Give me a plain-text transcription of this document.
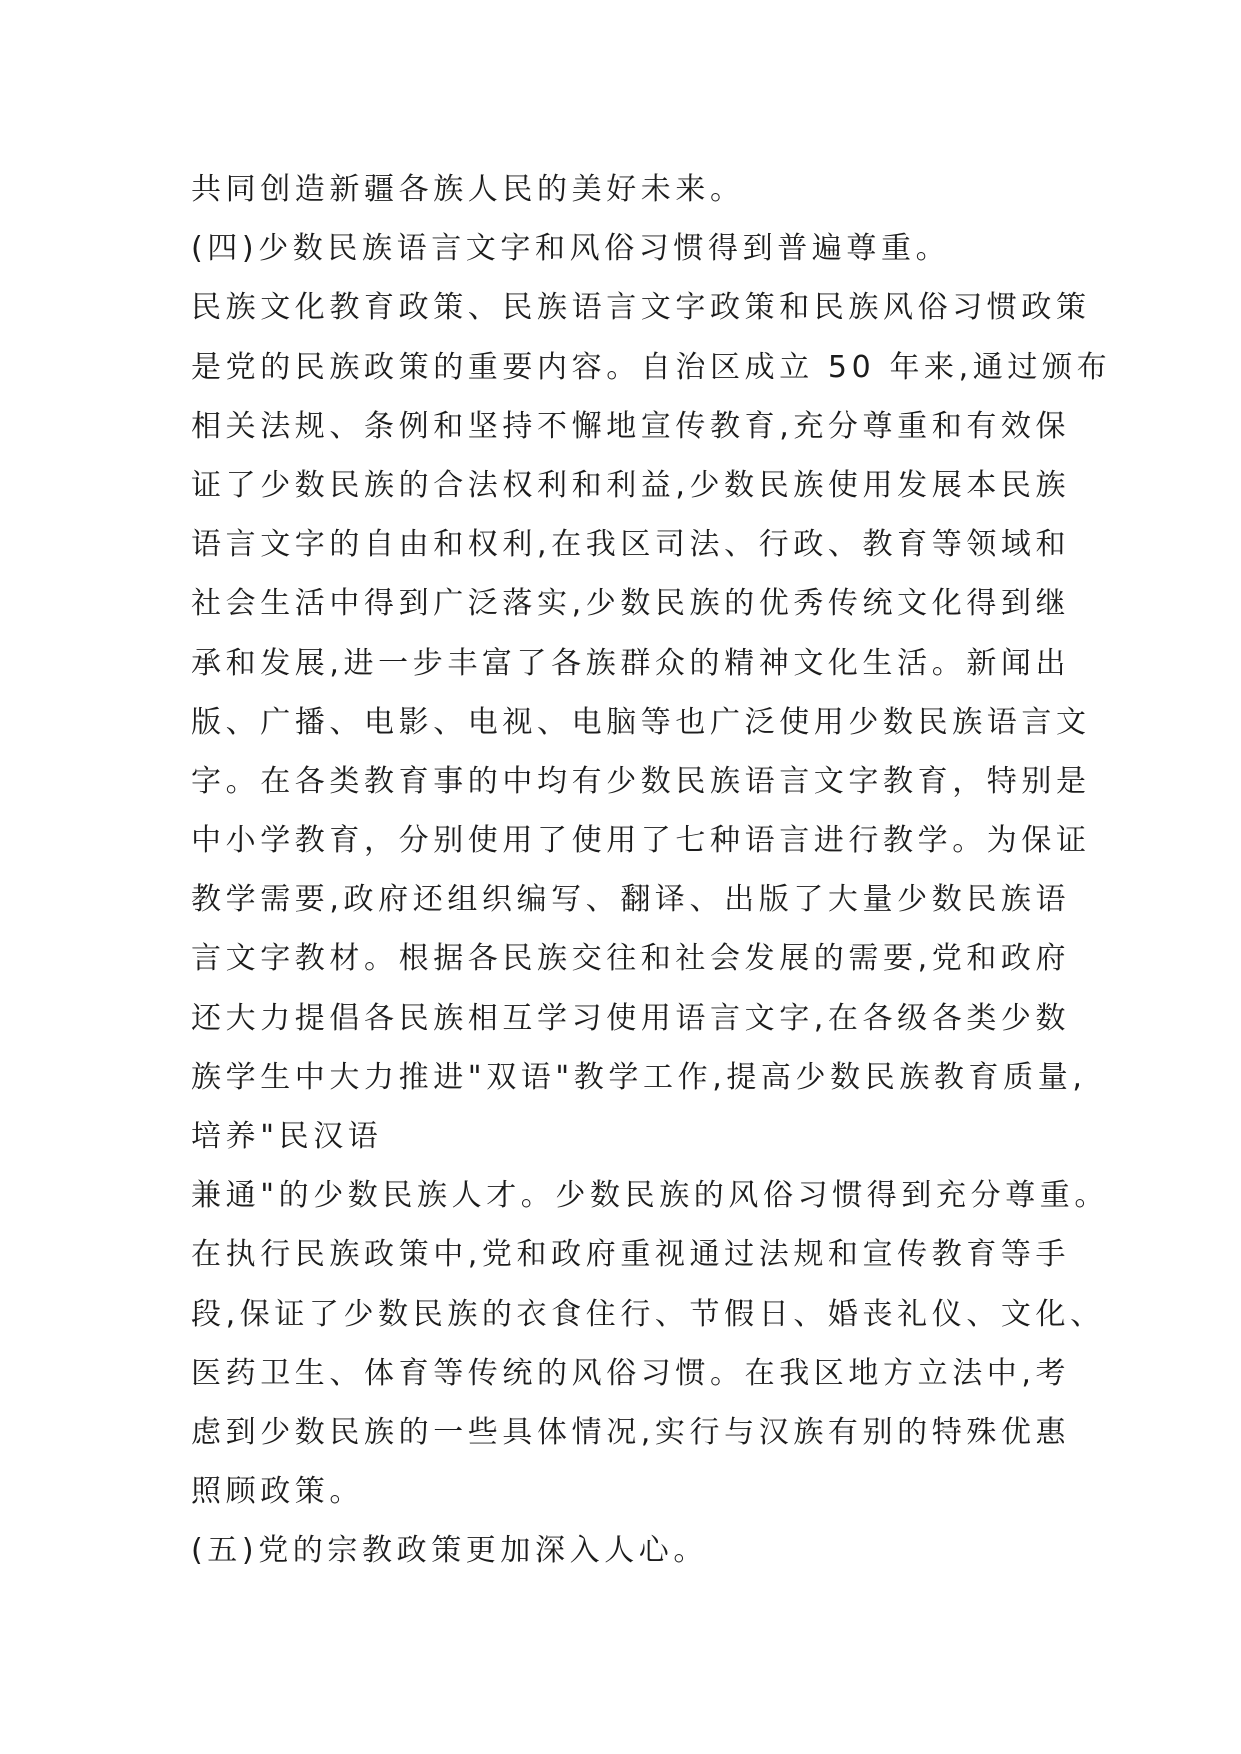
共同创造新疆各族人民的美好未来。
(四)少数民族语言文字和风俗习惯得到普遍尊重。
民族文化教育政策、民族语言文字政策和民族风俗习惯政策
是党的民族政策的重要内容。自治区成立 50 年来,通过颁布
相关法规、条例和坚持不懈地宣传教育,充分尊重和有效保
证了少数民族的合法权利和利益,少数民族使用发展本民族
语言文字的自由和权利,在我区司法、行政、教育等领域和
社会生活中得到广泛落实,少数民族的优秀传统文化得到继
承和发展,进一步丰富了各族群众的精神文化生活。新闻出
版、广播、电影、电视、电脑等也广泛使用少数民族语言文
字。在各类教育事的中均有少数民族语言文字教育，特别是
中小学教育，分别使用了使用了七种语言进行教学。为保证
教学需要,政府还组织编写、翻译、出版了大量少数民族语
言文字教材。根据各民族交往和社会发展的需要,党和政府
还大力提倡各民族相互学习使用语言文字,在各级各类少数
族学生中大力推进"双语"教学工作,提高少数民族教育质量,
培养"民汉语
兼通"的少数民族人才。少数民族的风俗习惯得到充分尊重。
在执行民族政策中,党和政府重视通过法规和宣传教育等手
段,保证了少数民族的衣食住行、节假日、婚丧礼仪、文化、
医药卫生、体育等传统的风俗习惯。在我区地方立法中,考
虑到少数民族的一些具体情况,实行与汉族有别的特殊优惠
照顾政策。
(五)党的宗教政策更加深入人心。
